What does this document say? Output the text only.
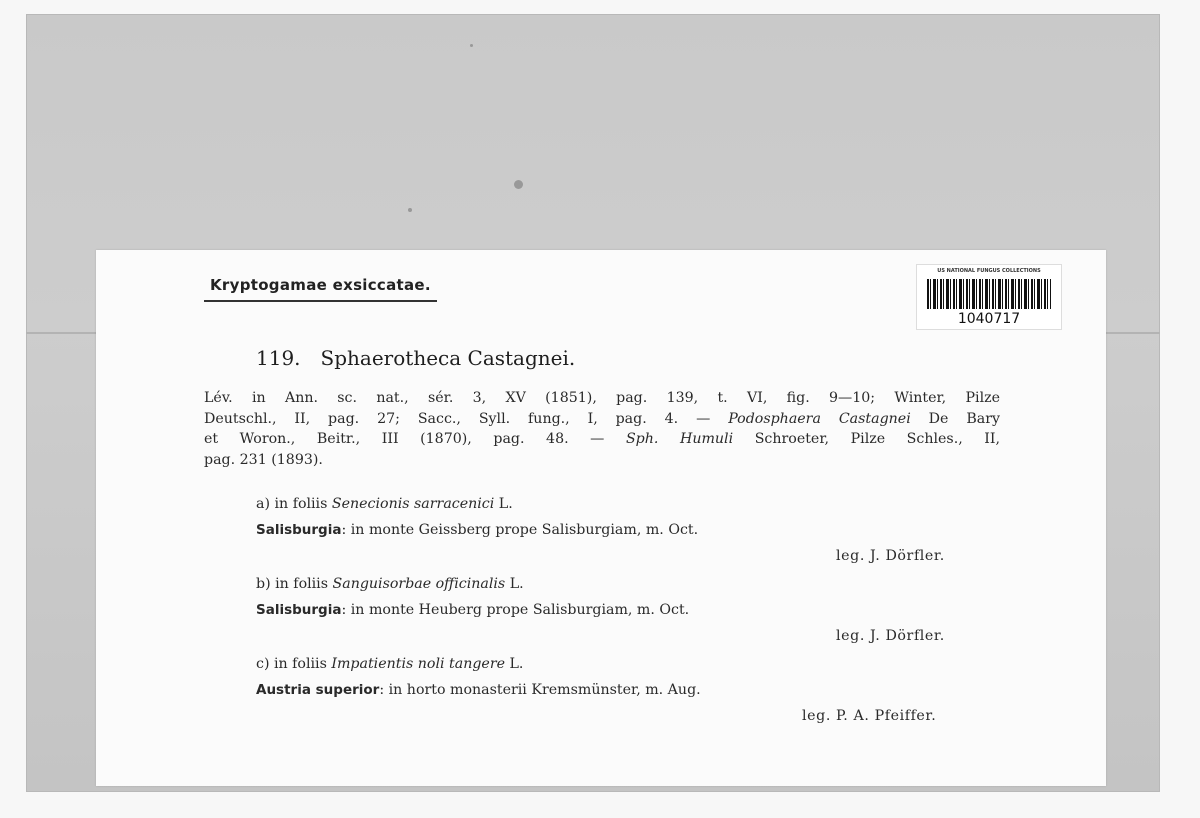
Kryptogamae exsiccatae.
US NATIONAL FUNGUS COLLECTIONS
1040717
119. Sphaerotheca Castagnei.
Lév. in Ann. sc. nat., sér. 3, XV (1851), pag. 139, t. VI, fig. 9—10; Winter, Pilze
Deutschl., II, pag. 27; Sacc., Syll. fung., I, pag. 4. — Podosphaera Castagnei De Bary
et Woron., Beitr., III (1870), pag. 48. — Sph. Humuli Schroeter, Pilze Schles., II,
pag. 231 (1893).
a) in foliis Senecionis sarracenici L.
Salisburgia: in monte Geissberg prope Salisburgiam, m. Oct.
leg. J. Dörfler.
b) in foliis Sanguisorbae officinalis L.
Salisburgia: in monte Heuberg prope Salisburgiam, m. Oct.
leg. J. Dörfler.
c) in foliis Impatientis noli tangere L.
Austria superior: in horto monasterii Kremsmünster, m. Aug.
leg. P. A. Pfeiffer.
